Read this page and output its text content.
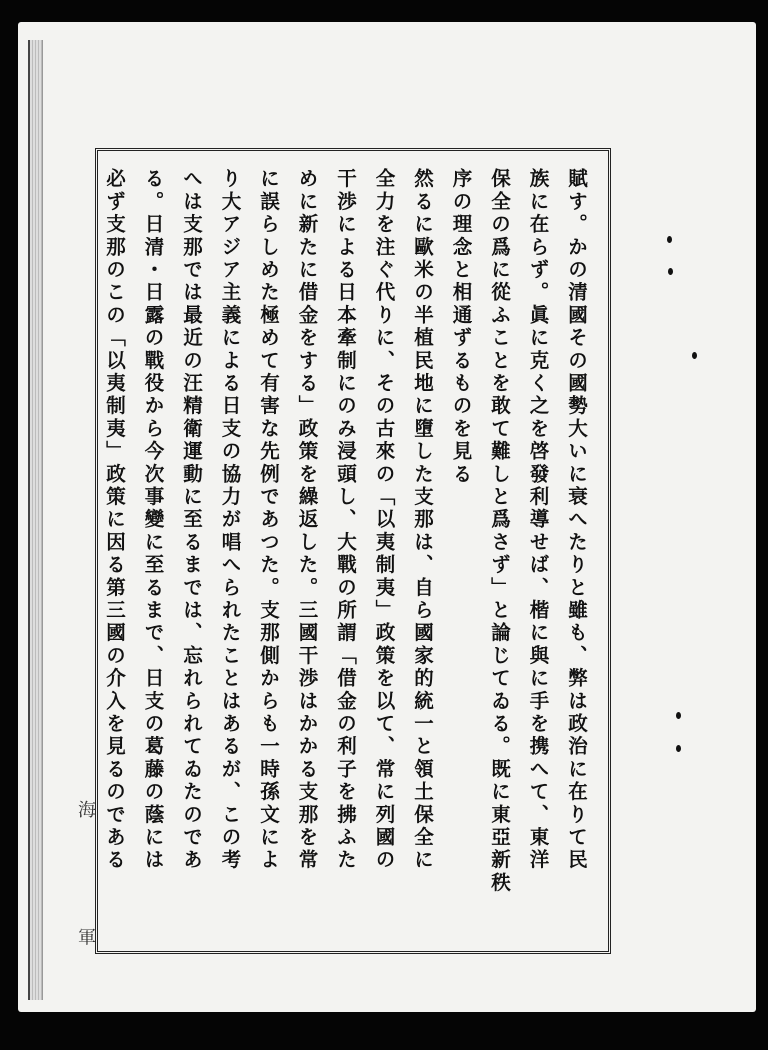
賦す。かの清國その國勢大いに衰へたりと雖も、弊は政治に在りて民
族に在らず。眞に克く之を啓發利導せば、楷に與に手を携へて、東洋
保全の爲に從ふことを敢て難しと爲さず」と論じてゐる。既に東亞新秩
序の理念と相通ずるものを見る
然るに歐米の半植民地に墮した支那は、自ら國家的統一と領土保全に
全力を注ぐ代りに、その古來の「以夷制夷」政策を以て、常に列國の
干渉による日本牽制にのみ浸頭し、大戰の所謂「借金の利子を拂ふた
めに新たに借金をする」政策を繰返した。三國干渉はかかる支那を常
に誤らしめた極めて有害な先例であつた。支那側からも一時孫文によ
り大アジア主義による日支の協力が唱へられたことはあるが、この考
へは支那では最近の汪精衛運動に至るまでは、忘れられてゐたのであ
る。日清・日露の戰役から今次事變に至るまで、日支の葛藤の蔭には
必ず支那のこの「以夷制夷」政策に因る第三國の介入を見るのである
海 軍
